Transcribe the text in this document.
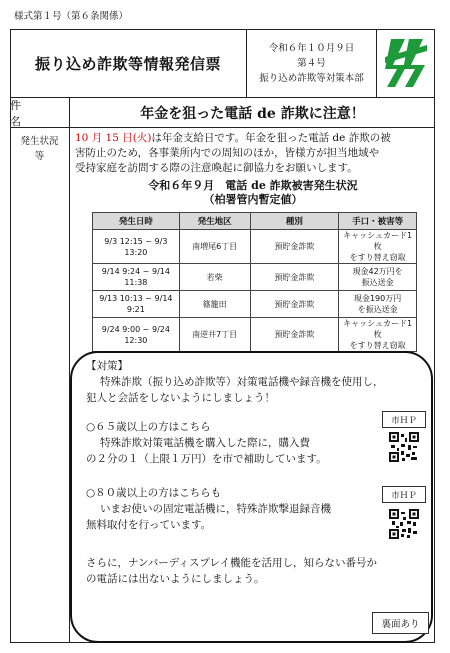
様式第１号（第６条関係）
振り込め詐欺等情報発信票
令和６年１０月９日
第４号
振り込め詐欺等対策本部
件　名	年金を狙った電話 de 詐欺に注意！
発生状況
等
10 月 15 日(火)は年金支給日です。年金を狙った電話 de 詐欺の被
害防止のため，各事業所内での周知のほか，皆様方が担当地域や
受持家庭を訪問する際の注意喚起に御協力をお願いします。
令和６年９月　電話 de 詐欺被害発生状況
（柏署管内暫定値）
発生日時	発生地区	種別	手口・被害等
9/3 12:15 ~ 9/3 13:20	南増尾6丁目	預貯金詐欺	キャッシュカード1枚
をすり替え窃取

9/14 9:24 ~ 9/14 11:38	若柴	預貯金詐欺	現金42万円を
振込送金

9/13 10:13 ~ 9/14 9:21	篠籠田	預貯金詐欺	現金190万円
を振込送金

9/24 9:00 ~ 9/24 12:30	南逆井7丁目	預貯金詐欺	キャッシュカード1枚
をすり替え窃取
【対策】
特殊詐欺（振り込め詐欺等）対策電話機や録音機を使用し，
犯人と会話をしないようにしましょう！
○６５歳以上の方はこちら
特殊詐欺対策電話機を購入した際に，購入費
の２分の１（上限１万円）を市で補助しています。
市ＨＰ
○８０歳以上の方はこちらも
いまお使いの固定電話機に，特殊詐欺撃退録音機
無料取付を行っています。
市ＨＰ
さらに，ナンバーディスプレイ機能を活用し，知らない番号か
の電話には出ないようにしましょう。
裏面あり
